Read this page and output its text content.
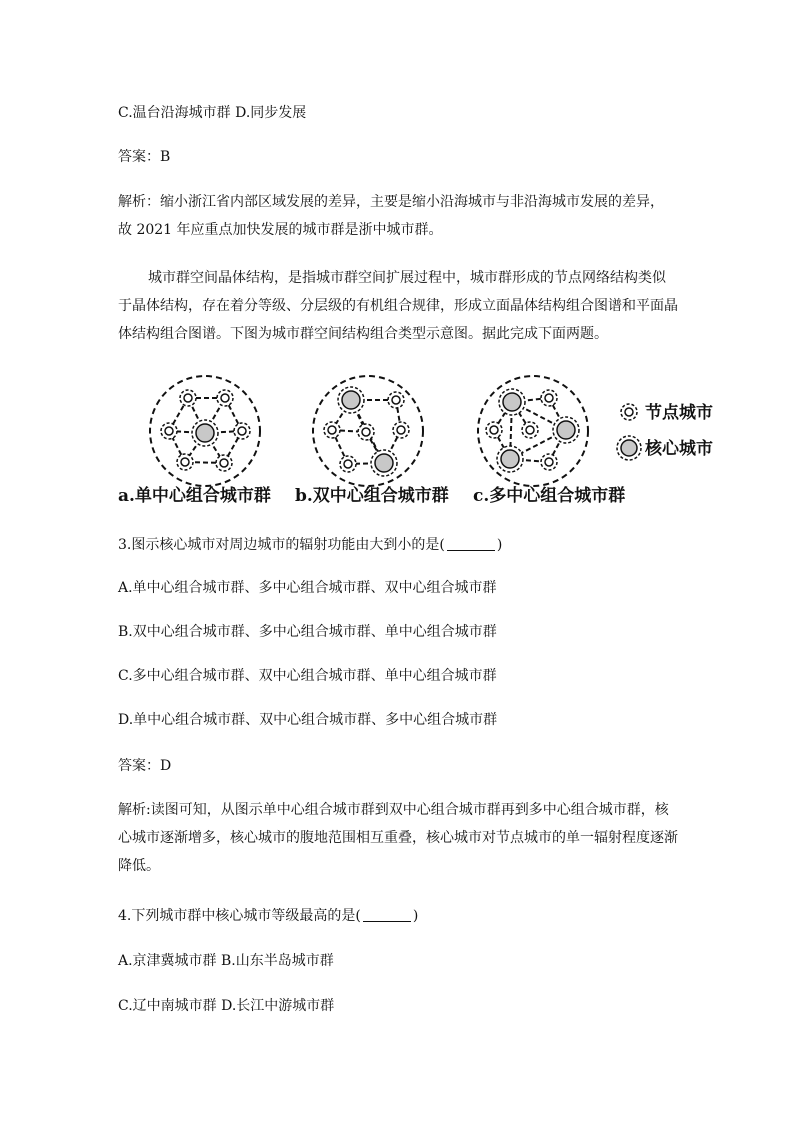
C.温台沿海城市群 D.同步发展
答案：B

解析：缩小浙江省内部区域发展的差异，主要是缩小沿海城市与非沿海城市发展的差异，

故 2021 年应重点加快发展的城市群是浙中城市群。

城市群空间晶体结构，是指城市群空间扩展过程中，城市群形成的节点网络结构类似

于晶体结构，存在着分等级、分层级的有机组合规律，形成立面晶体结构组合图谱和平面晶

体结构组合图谱。下图为城市群空间结构组合类型示意图。据此完成下面两题。

节点城市
核心城市
a.单中心组合城市群 b.双中心组合城市群 c.多中心组合城市群
3.图示核心城市对周边城市的辐射功能由大到小的是(	)
A.单中心组合城市群、多中心组合城市群、双中心组合城市群
B.双中心组合城市群、多中心组合城市群、单中心组合城市群
C.多中心组合城市群、双中心组合城市群、单中心组合城市群
D.单中心组合城市群、双中心组合城市群、多中心组合城市群
答案：D

解析:读图可知，从图示单中心组合城市群到双中心组合城市群再到多中心组合城市群，核

心城市逐渐增多，核心城市的腹地范围相互重叠，核心城市对节点城市的单一辐射程度逐渐

降低。

4.下列城市群中核心城市等级最高的是(	)
A.京津冀城市群 B.山东半岛城市群
C.辽中南城市群 D.长江中游城市群
